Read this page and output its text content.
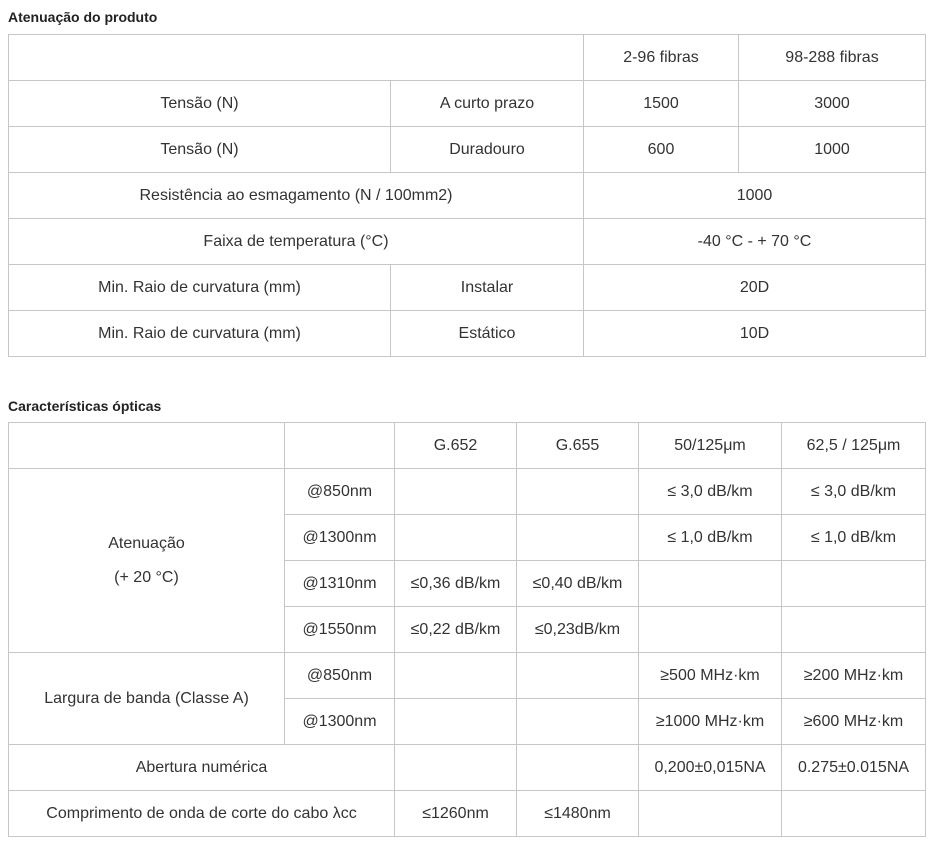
Atenuação do produto
		2-96 fibras	98-288 fibras
Tensão (N)	A curto prazo	1500	3000
Tensão (N)	Duradouro	600	1000
Resistência ao esmagamento (N / 100mm2)		1000	
Faixa de temperatura (°C)		-40 °C - + 70 °C	
Min. Raio de curvatura (mm)	Instalar	20D	
Min. Raio de curvatura (mm)	Estático	10D	
Características ópticas
		G.652	G.655	50/125μm	62,5 / 125μm

Atenuação
(+ 20 °C)	@850nm			≤ 3,0 dB/km	≤ 3,0 dB/km
	@1300nm			≤ 1,0 dB/km	≤ 1,0 dB/km
	@1310nm	≤0,36 dB/km	≤0,40 dB/km		
	@1550nm	≤0,22 dB/km	≤0,23dB/km		
Largura de banda (Classe A)	@850nm			≥500 MHz·km	≥200 MHz·km
	@1300nm			≥1000 MHz·km	≥600 MHz·km
Abertura numérica				0,200±0,015NA	0.275±0.015NA
Comprimento de onda de corte do cabo λcc		≤1260nm	≤1480nm		
